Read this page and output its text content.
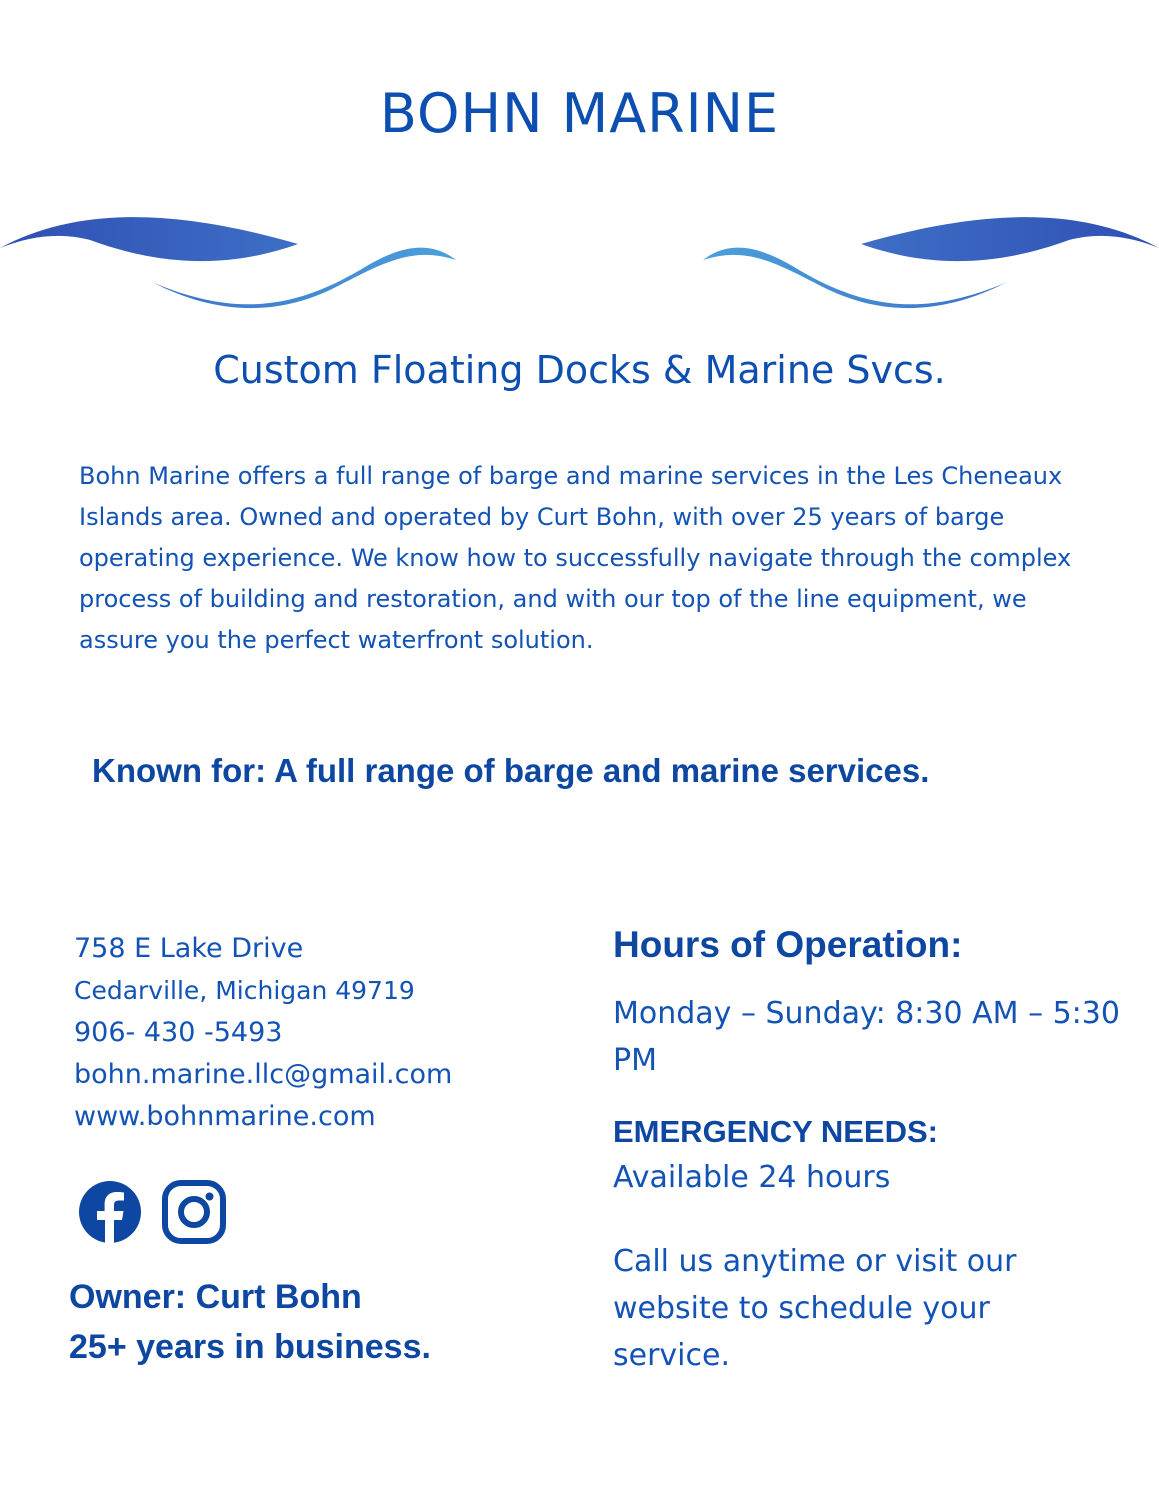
BOHN MARINE
Custom Floating Docks & Marine Svcs.
Bohn Marine offers a full range of barge and marine services in the Les Cheneaux Islands area. Owned and operated by Curt Bohn, with over 25 years of barge operating experience. We know how to successfully navigate through the complex process of building and restoration, and with our top of the line equipment, we assure you the perfect waterfront solution.
Known for: A full range of barge and marine services.
758 E Lake Drive
Cedarville, Michigan 49719
906- 430 -5493
bohn.marine.llc@gmail.com
www.bohnmarine.com
Owner: Curt Bohn
25+ years in business.
Hours of Operation:
Monday – Sunday: 8:30 AM – 5:30 PM
EMERGENCY NEEDS:
Available 24 hours
Call us anytime or visit our website to schedule your service.
